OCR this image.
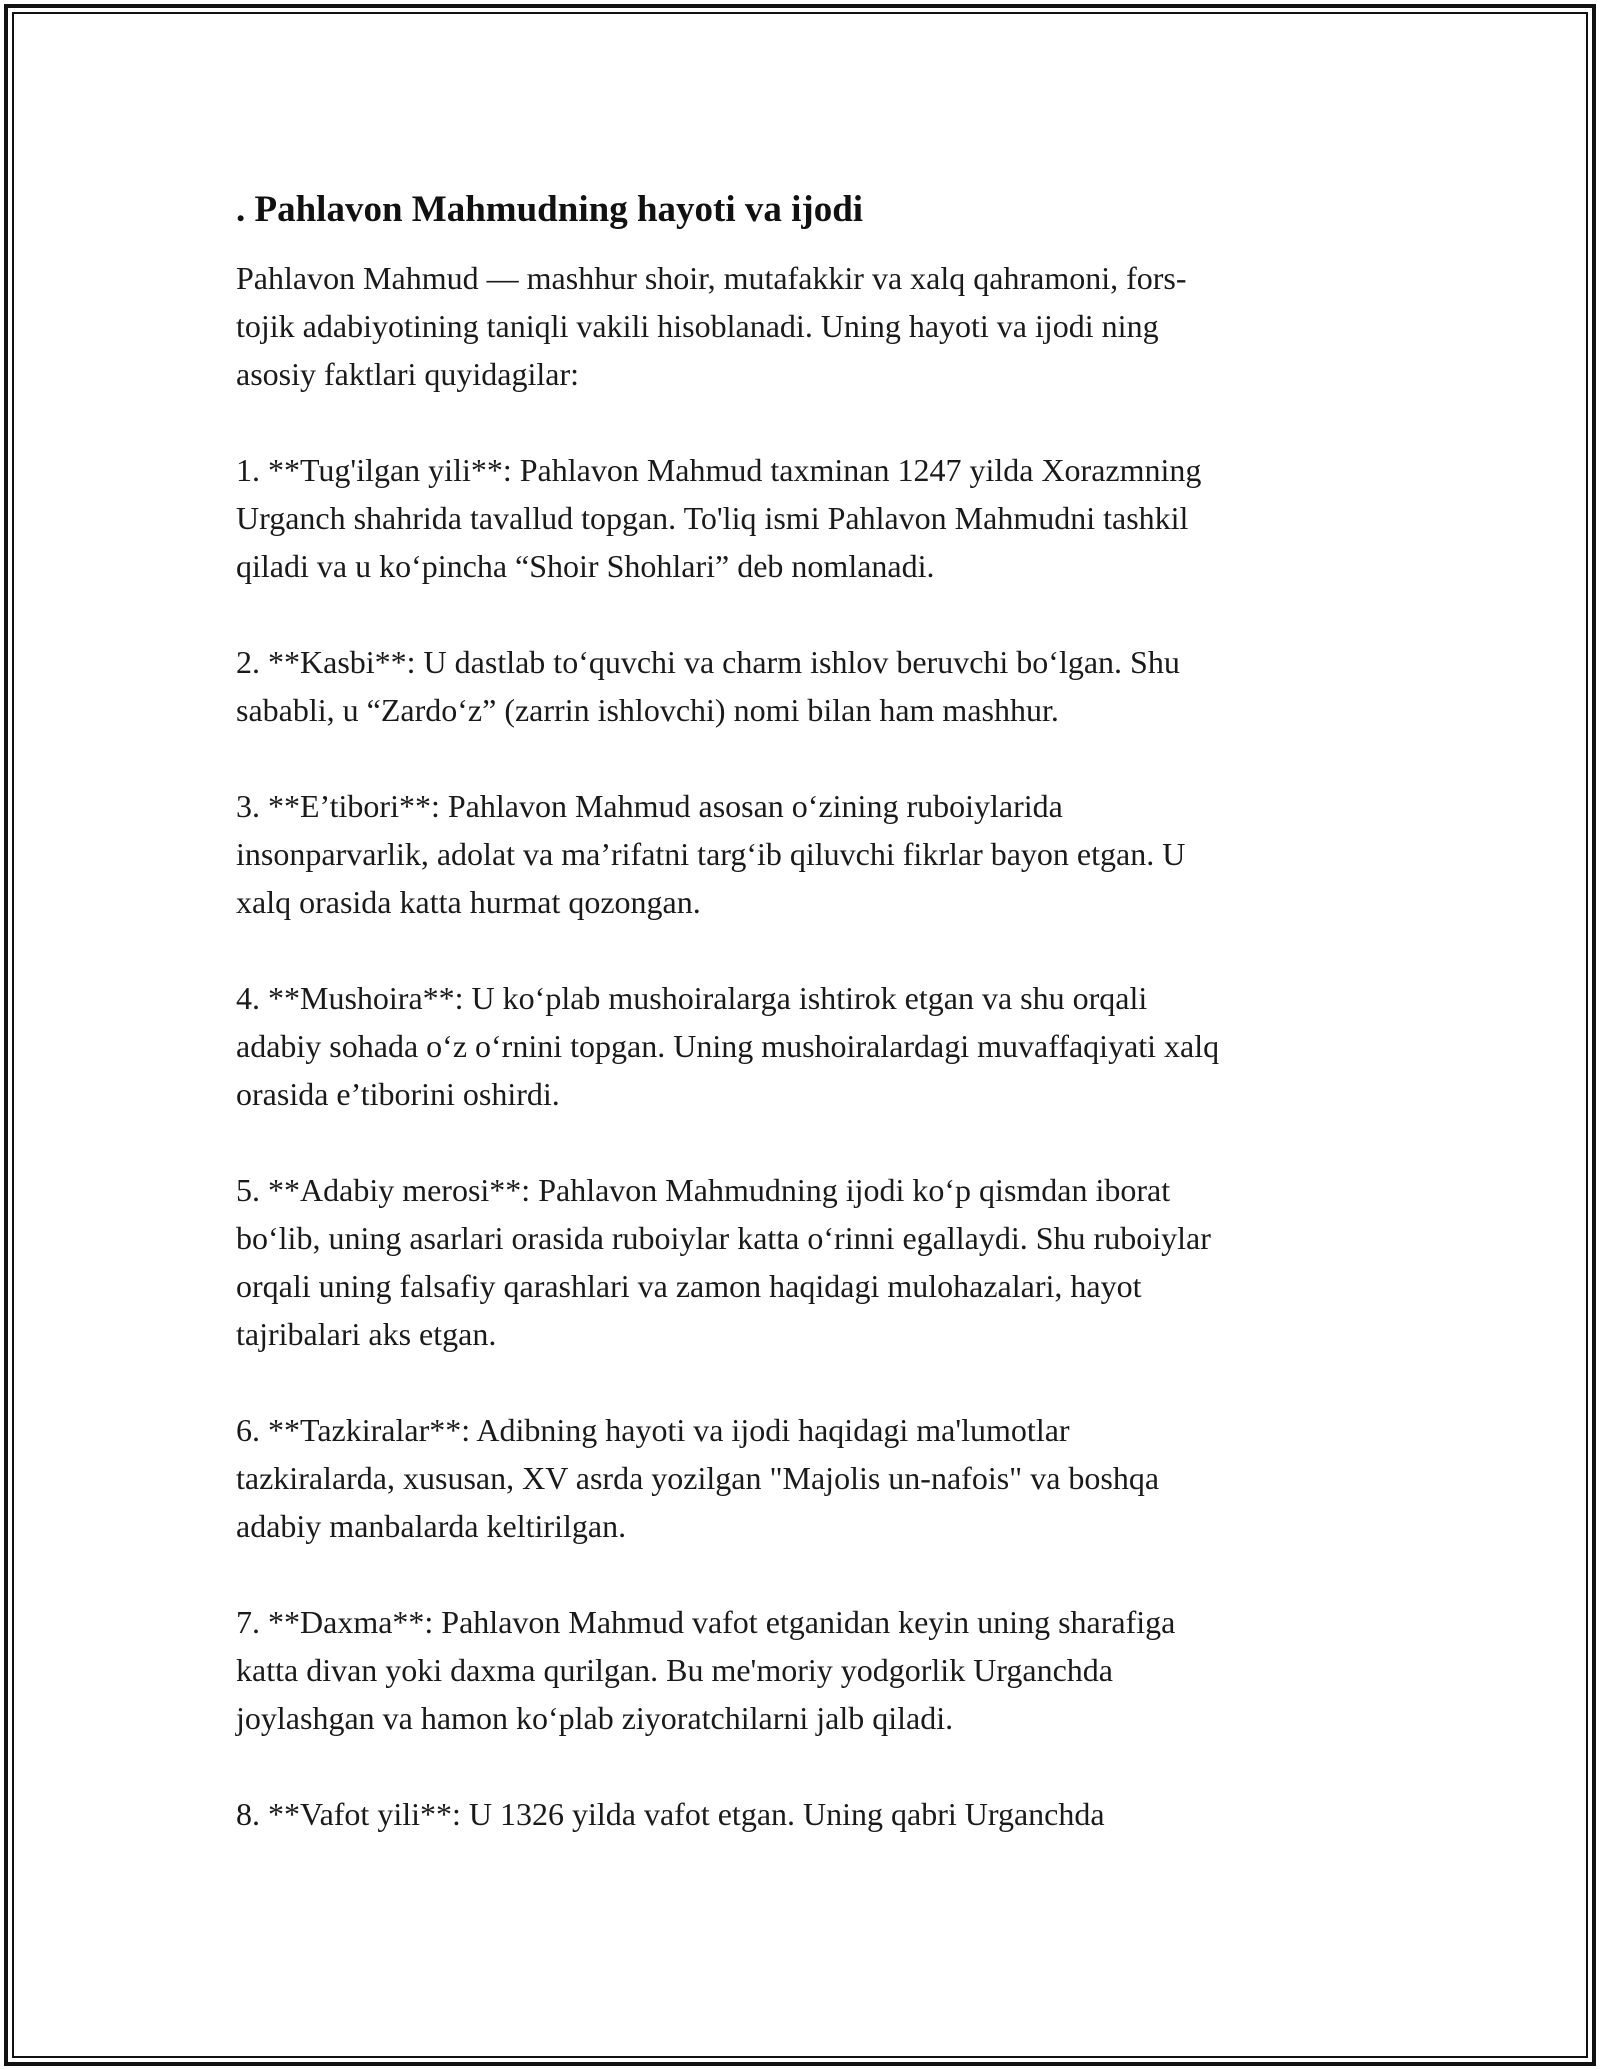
. Pahlavon Mahmudning hayoti va ijodi

Pahlavon Mahmud — mashhur shoir, mutafakkir va xalq qahramoni, fors-
tojik adabiyotining taniqli vakili hisoblanadi. Uning hayoti va ijodi ning
asosiy faktlari quyidagilar:

1. **Tug'ilgan yili**: Pahlavon Mahmud taxminan 1247 yilda Xorazmning
Urganch shahrida tavallud topgan. To'liq ismi Pahlavon Mahmudni tashkil
qiladi va u ko‘pincha “Shoir Shohlari” deb nomlanadi.

2. **Kasbi**: U dastlab to‘quvchi va charm ishlov beruvchi bo‘lgan. Shu
sababli, u “Zardo‘z” (zarrin ishlovchi) nomi bilan ham mashhur.

3. **E’tibori**: Pahlavon Mahmud asosan o‘zining ruboiylarida
insonparvarlik, adolat va ma’rifatni targ‘ib qiluvchi fikrlar bayon etgan. U
xalq orasida katta hurmat qozongan.

4. **Mushoira**: U ko‘plab mushoiralarga ishtirok etgan va shu orqali
adabiy sohada o‘z o‘rnini topgan. Uning mushoiralardagi muvaffaqiyati xalq
orasida e’tiborini oshirdi.

5. **Adabiy merosi**: Pahlavon Mahmudning ijodi ko‘p qismdan iborat
bo‘lib, uning asarlari orasida ruboiylar katta o‘rinni egallaydi. Shu ruboiylar
orqali uning falsafiy qarashlari va zamon haqidagi mulohazalari, hayot
tajribalari aks etgan.

6. **Tazkiralar**: Adibning hayoti va ijodi haqidagi ma'lumotlar
tazkiralarda, xususan, XV asrda yozilgan "Majolis un-nafois" va boshqa
adabiy manbalarda keltirilgan.

7. **Daxma**: Pahlavon Mahmud vafot etganidan keyin uning sharafiga
katta divan yoki daxma qurilgan. Bu me'moriy yodgorlik Urganchda
joylashgan va hamon ko‘plab ziyoratchilarni jalb qiladi.

8. **Vafot yili**: U 1326 yilda vafot etgan. Uning qabri Urganchda
